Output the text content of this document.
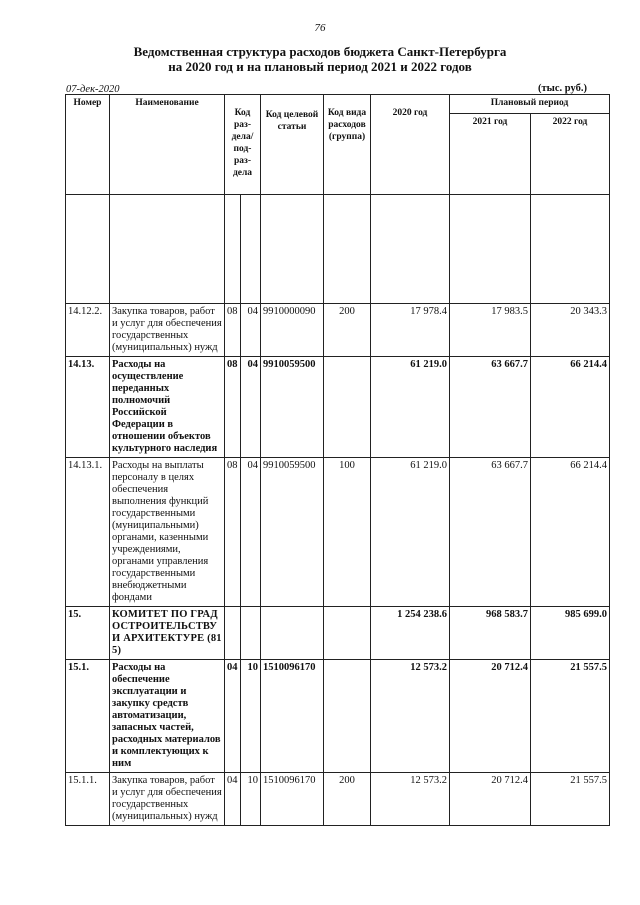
76
Ведомственная структура расходов бюджета Санкт-Петербурга
на 2020 год и на плановый период 2021 и 2022 годов
07-дек-2020	(тыс. руб.)
Номер	Наименование	Код раз- дела/ под- раз- дела		Код целевой статьи	Код вида расходов (группа)	2020 год	Плановый период	
							2021 год	2022 год

14.12.2.	Закупка товаров, работ и услуг для обеспечения государственных (муниципальных) нужд	08	04	9910000090	200	17 978.4	17 983.5	20 343.3
14.13.	Расходы на осуществление переданных полномочий Российской Федерации в отношении объектов культурного наследия	08	04	9910059500		61 219.0	63 667.7	66 214.4
14.13.1.	Расходы на выплаты персоналу в целях обеспечения выполнения функций государственными (муниципальными) органами, казенными учреждениями, органами управления государственными внебюджетными фондами	08	04	9910059500	100	61 219.0	63 667.7	66 214.4
15.	КОМИТЕТ ПО ГРАДОСТРОИТЕЛЬСТВУ И АРХИТЕКТУРЕ (815)					1 254 238.6	968 583.7	985 699.0
15.1.	Расходы на обеспечение эксплуатации и закупку средств автоматизации, запасных частей, расходных материалов и комплектующих к ним	04	10	1510096170		12 573.2	20 712.4	21 557.5
15.1.1.	Закупка товаров, работ и услуг для обеспечения государственных (муниципальных) нужд	04	10	1510096170	200	12 573.2	20 712.4	21 557.5
